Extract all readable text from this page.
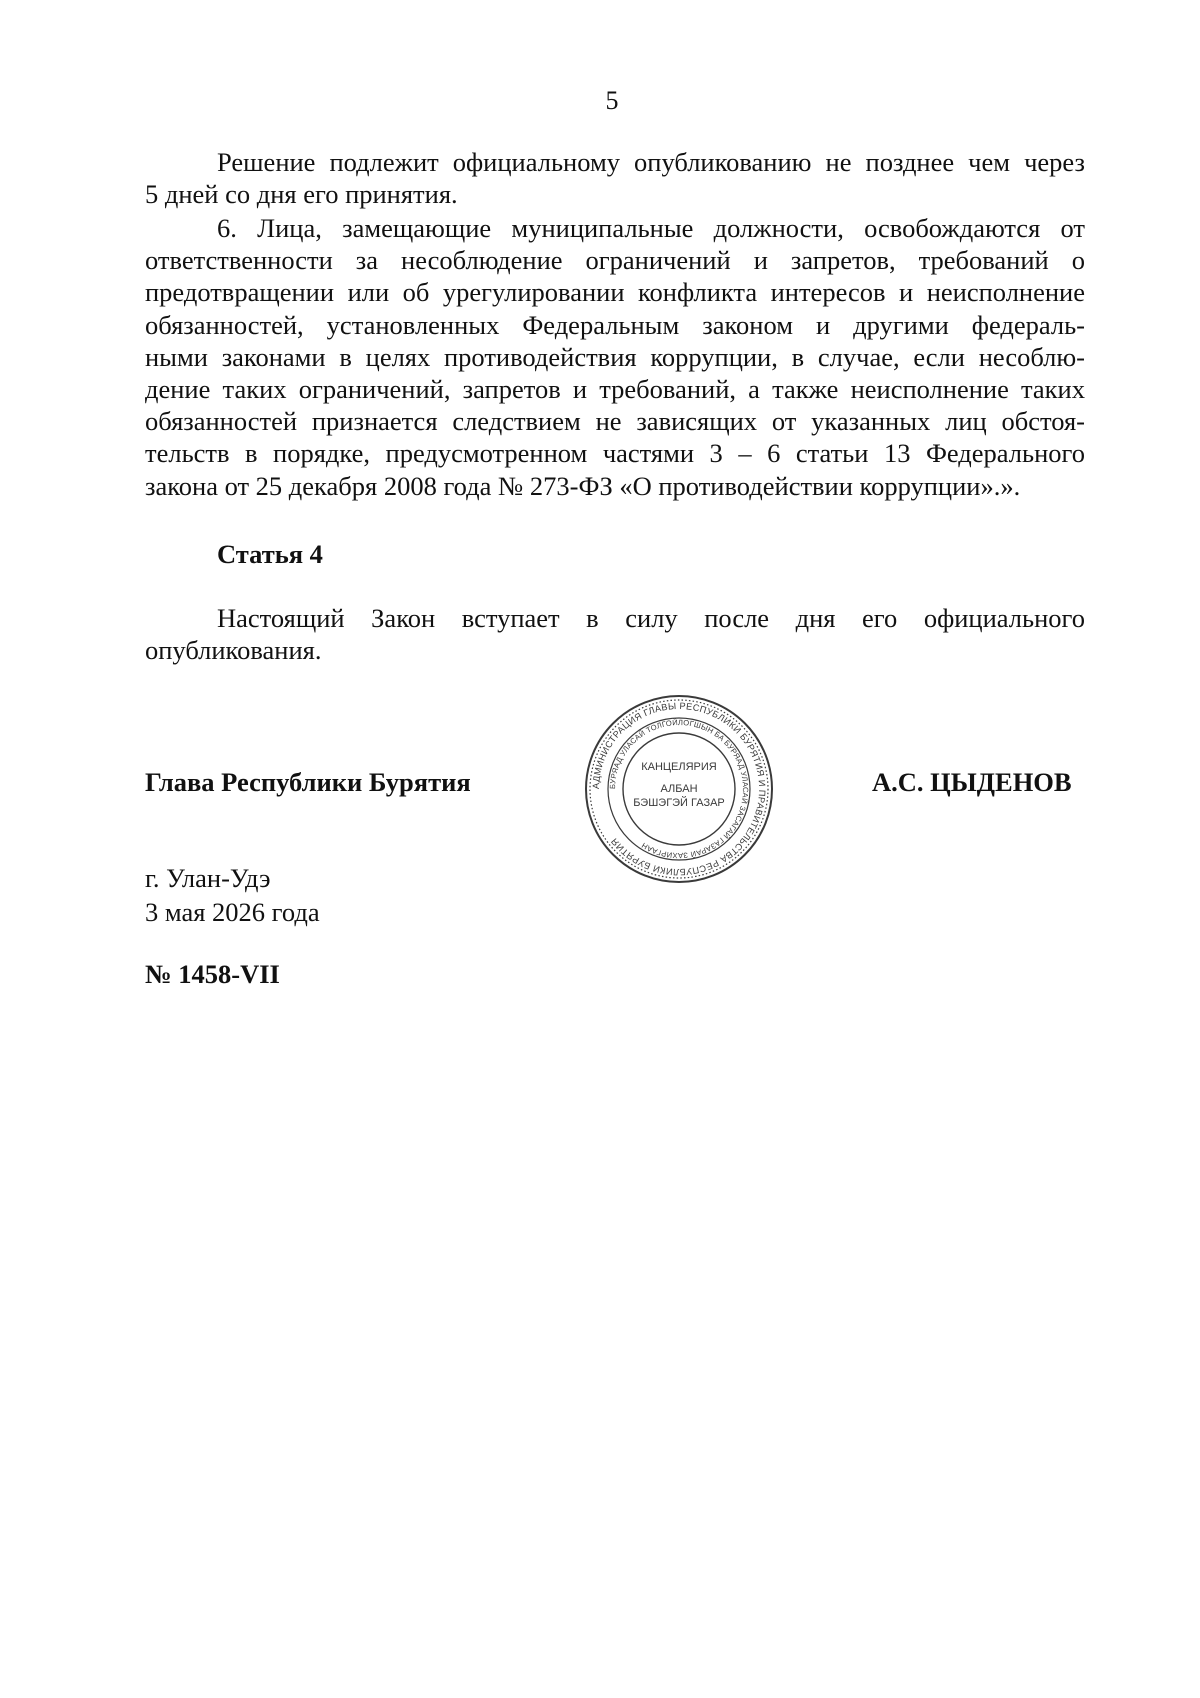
5
Решение подлежит официальному опубликованию не позднее чем через
5 дней со дня его принятия.
6. Лица, замещающие муниципальные должности, освобождаются от
ответственности за несоблюдение ограничений и запретов, требований о
предотвращении или об урегулировании конфликта интересов и неисполнение
обязанностей, установленных Федеральным законом и другими федераль-
ными законами в целях противодействия коррупции, в случае, если несоблю-
дение таких ограничений, запретов и требований, а также неисполнение таких
обязанностей признается следствием не зависящих от указанных лиц обстоя-
тельств в порядке, предусмотренном частями 3 – 6 статьи 13 Федерального
закона от 25 декабря 2008 года № 273-ФЗ «О противодействии коррупции».».
Статья 4
Настоящий Закон вступает в силу после дня его официального
опубликования.
Глава Республики Бурятия	АДМИНИСТРАЦИЯ ГЛАВЫ РЕСПУБЛИКИ БУРЯТИЯ И ПРАВИТЕЛЬСТВА РЕСПУБЛИКИ БУРЯТИЯ
БУРЯАД УЛАСАЙ ТОЛГОЙЛОГШЫН БА БУРЯАД УЛАСАЙ ЗАСАГАЙ ГАЗАРАЙ ЗАХИРГААН
КАНЦЕЛЯРИЯ
АЛБАН
БЭШЭГЭЙ ГАЗАР
А.С. ЦЫДЕНОВ
г. Улан-Удэ
3 мая 2026 года
№ 1458-VII
